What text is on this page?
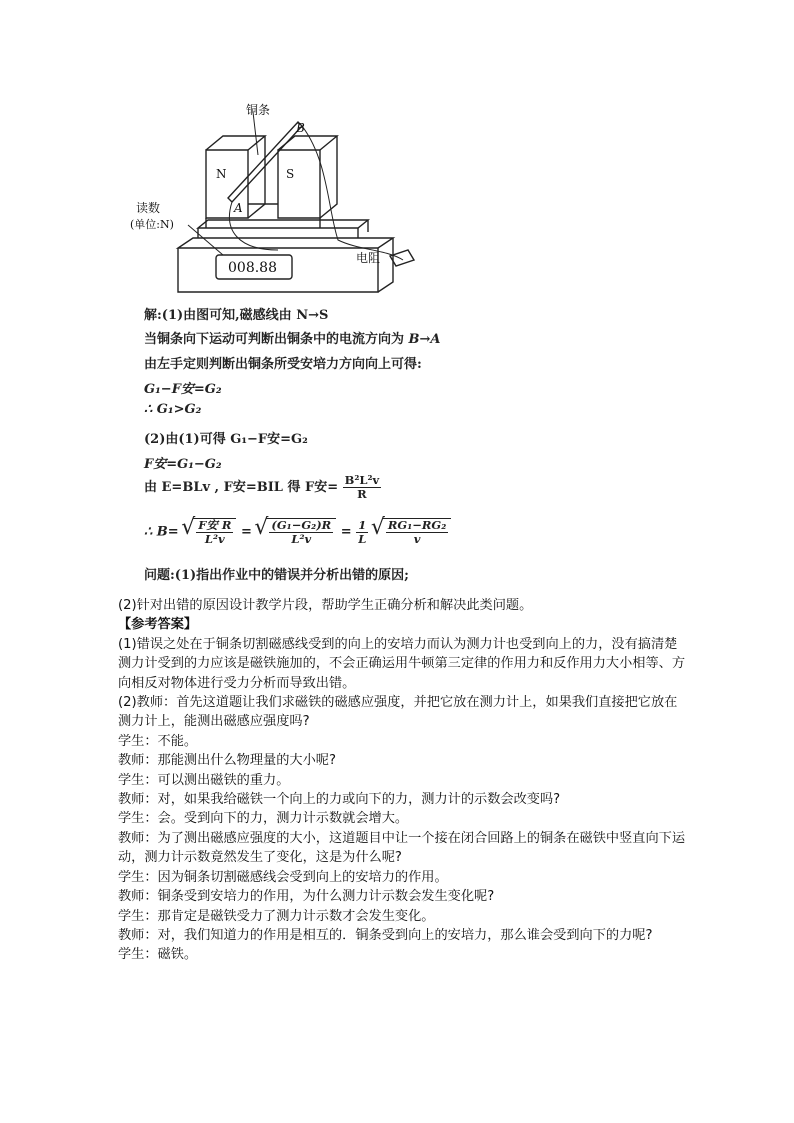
铜条
B
A
N	S
读数
(单位:N)
008.88
电阻
解:(1)由图可知,磁感线由 N→S
当铜条向下运动可判断出铜条中的电流方向为 B→A
由左手定则判断出铜条所受安培力方向向上可得:
G₁−F安=G₂
∴ G₁>G₂
(2)由(1)可得 G₁−F安=G₂
F安=G₁−G₂
由 E=BLv , F安=BIL 得 F安= $\frac{\text{B²L²v}}{R}$
∴ B= √ $\frac{\text{F安 R}}{\text{L²v}}$ = √ $\frac{\text{(G₁−G₂)R}}{\text{L²v}} = \frac{1}{L}$
√ $\frac{\text{RG₁−RG₂}}{v}$
问题:(1)指出作业中的错误并分析出错的原因;

(2)针对出错的原因设计教学片段，帮助学生正确分析和解决此类问题。

【参考答案】

(1)错误之处在于铜条切割磁感线受到的向上的安培力而认为测力计也受到向上的力，没有搞清楚测力计受到的力应该是磁铁施加的，不会正确运用牛顿第三定律的作用力和反作用力大小相等、方向相反对物体进行受力分析而导致出错。

(2)教师：首先这道题让我们求磁铁的磁感应强度，并把它放在测力计上，如果我们直接把它放在测力计上，能测出磁感应强度吗?

学生：不能。

教师：那能测出什么物理量的大小呢?

学生：可以测出磁铁的重力。

教师：对，如果我给磁铁一个向上的力或向下的力，测力计的示数会改变吗?

学生：会。受到向下的力，测力计示数就会增大。

教师：为了测出磁感应强度的大小，这道题目中让一个接在闭合回路上的铜条在磁铁中竖直向下运动，测力计示数竟然发生了变化，这是为什么呢?

学生：因为铜条切割磁感线会受到向上的安培力的作用。

教师：铜条受到安培力的作用，为什么测力计示数会发生变化呢?

学生：那肯定是磁铁受力了测力计示数才会发生变化。

教师：对，我们知道力的作用是相互的．铜条受到向上的安培力，那么谁会受到向下的力呢?

学生：磁铁。
